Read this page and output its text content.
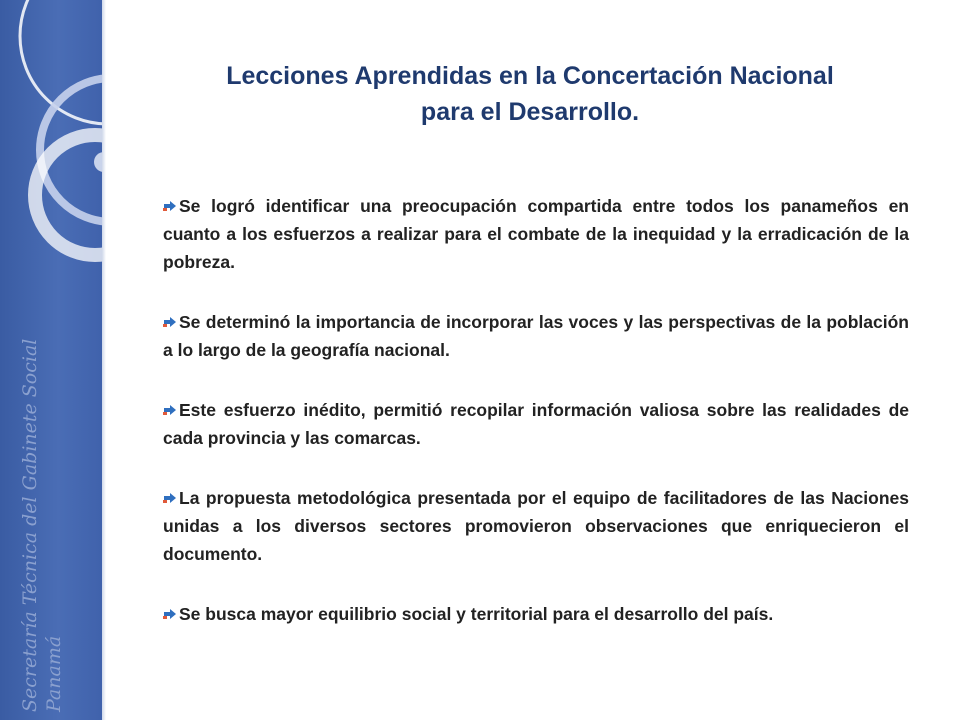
Secretaría Técnica del Gabinete Social Panamá
Lecciones Aprendidas en la Concertación Nacional
para el Desarrollo.
Se logró identificar una preocupación compartida entre todos los panameños en cuanto a los esfuerzos a realizar para el combate de la inequidad y la erradicación de la pobreza.
Se determinó la importancia de incorporar las voces y las perspectivas de la población a lo largo de la geografía nacional.
Este esfuerzo inédito, permitió recopilar información valiosa sobre las realidades de cada provincia y las comarcas.
La propuesta metodológica presentada por el equipo de facilitadores de las Naciones unidas a los diversos sectores promovieron observaciones que enriquecieron el documento.
Se busca mayor equilibrio social y territorial para el desarrollo del país.
